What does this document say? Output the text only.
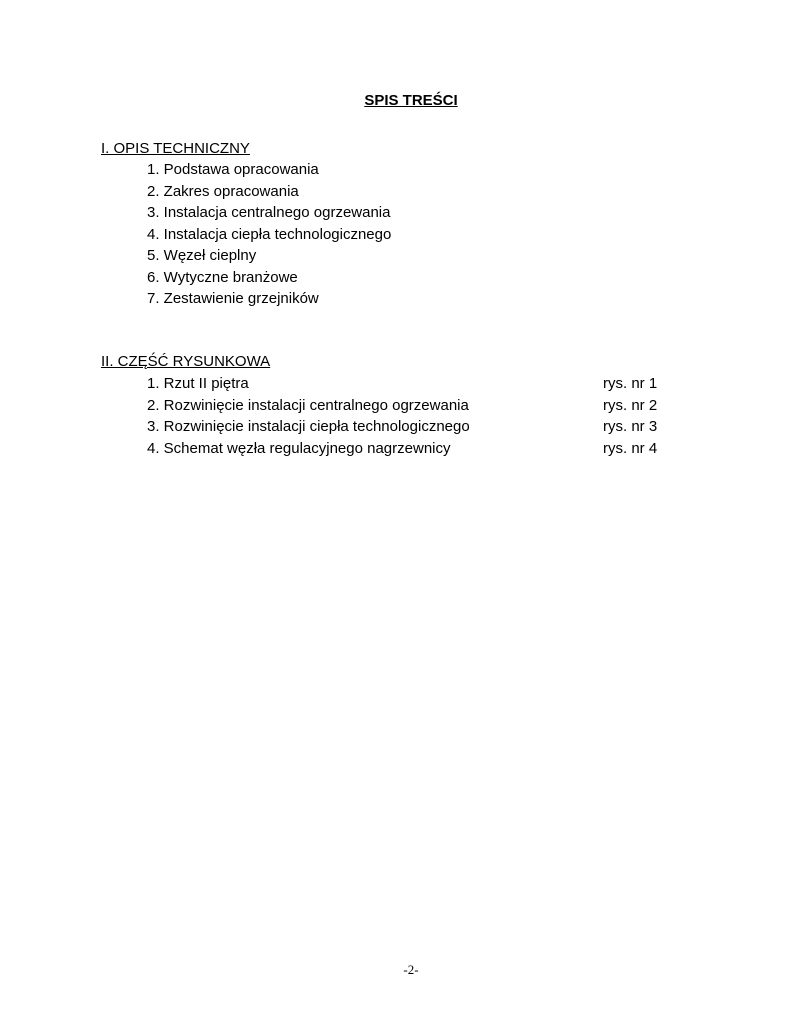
SPIS TREŚCI
I. OPIS TECHNICZNY
1. Podstawa opracowania
2. Zakres opracowania
3. Instalacja centralnego ogrzewania
4. Instalacja ciepła technologicznego
5. Węzeł cieplny
6. Wytyczne branżowe
7. Zestawienie grzejników
II. CZĘŚĆ RYSUNKOWA
1. Rzut II piętra	rys. nr 1
2. Rozwinięcie instalacji centralnego ogrzewania	rys. nr 2
3. Rozwinięcie instalacji ciepła technologicznego	rys. nr 3
4. Schemat węzła regulacyjnego nagrzewnicy	rys. nr 4
-2-
